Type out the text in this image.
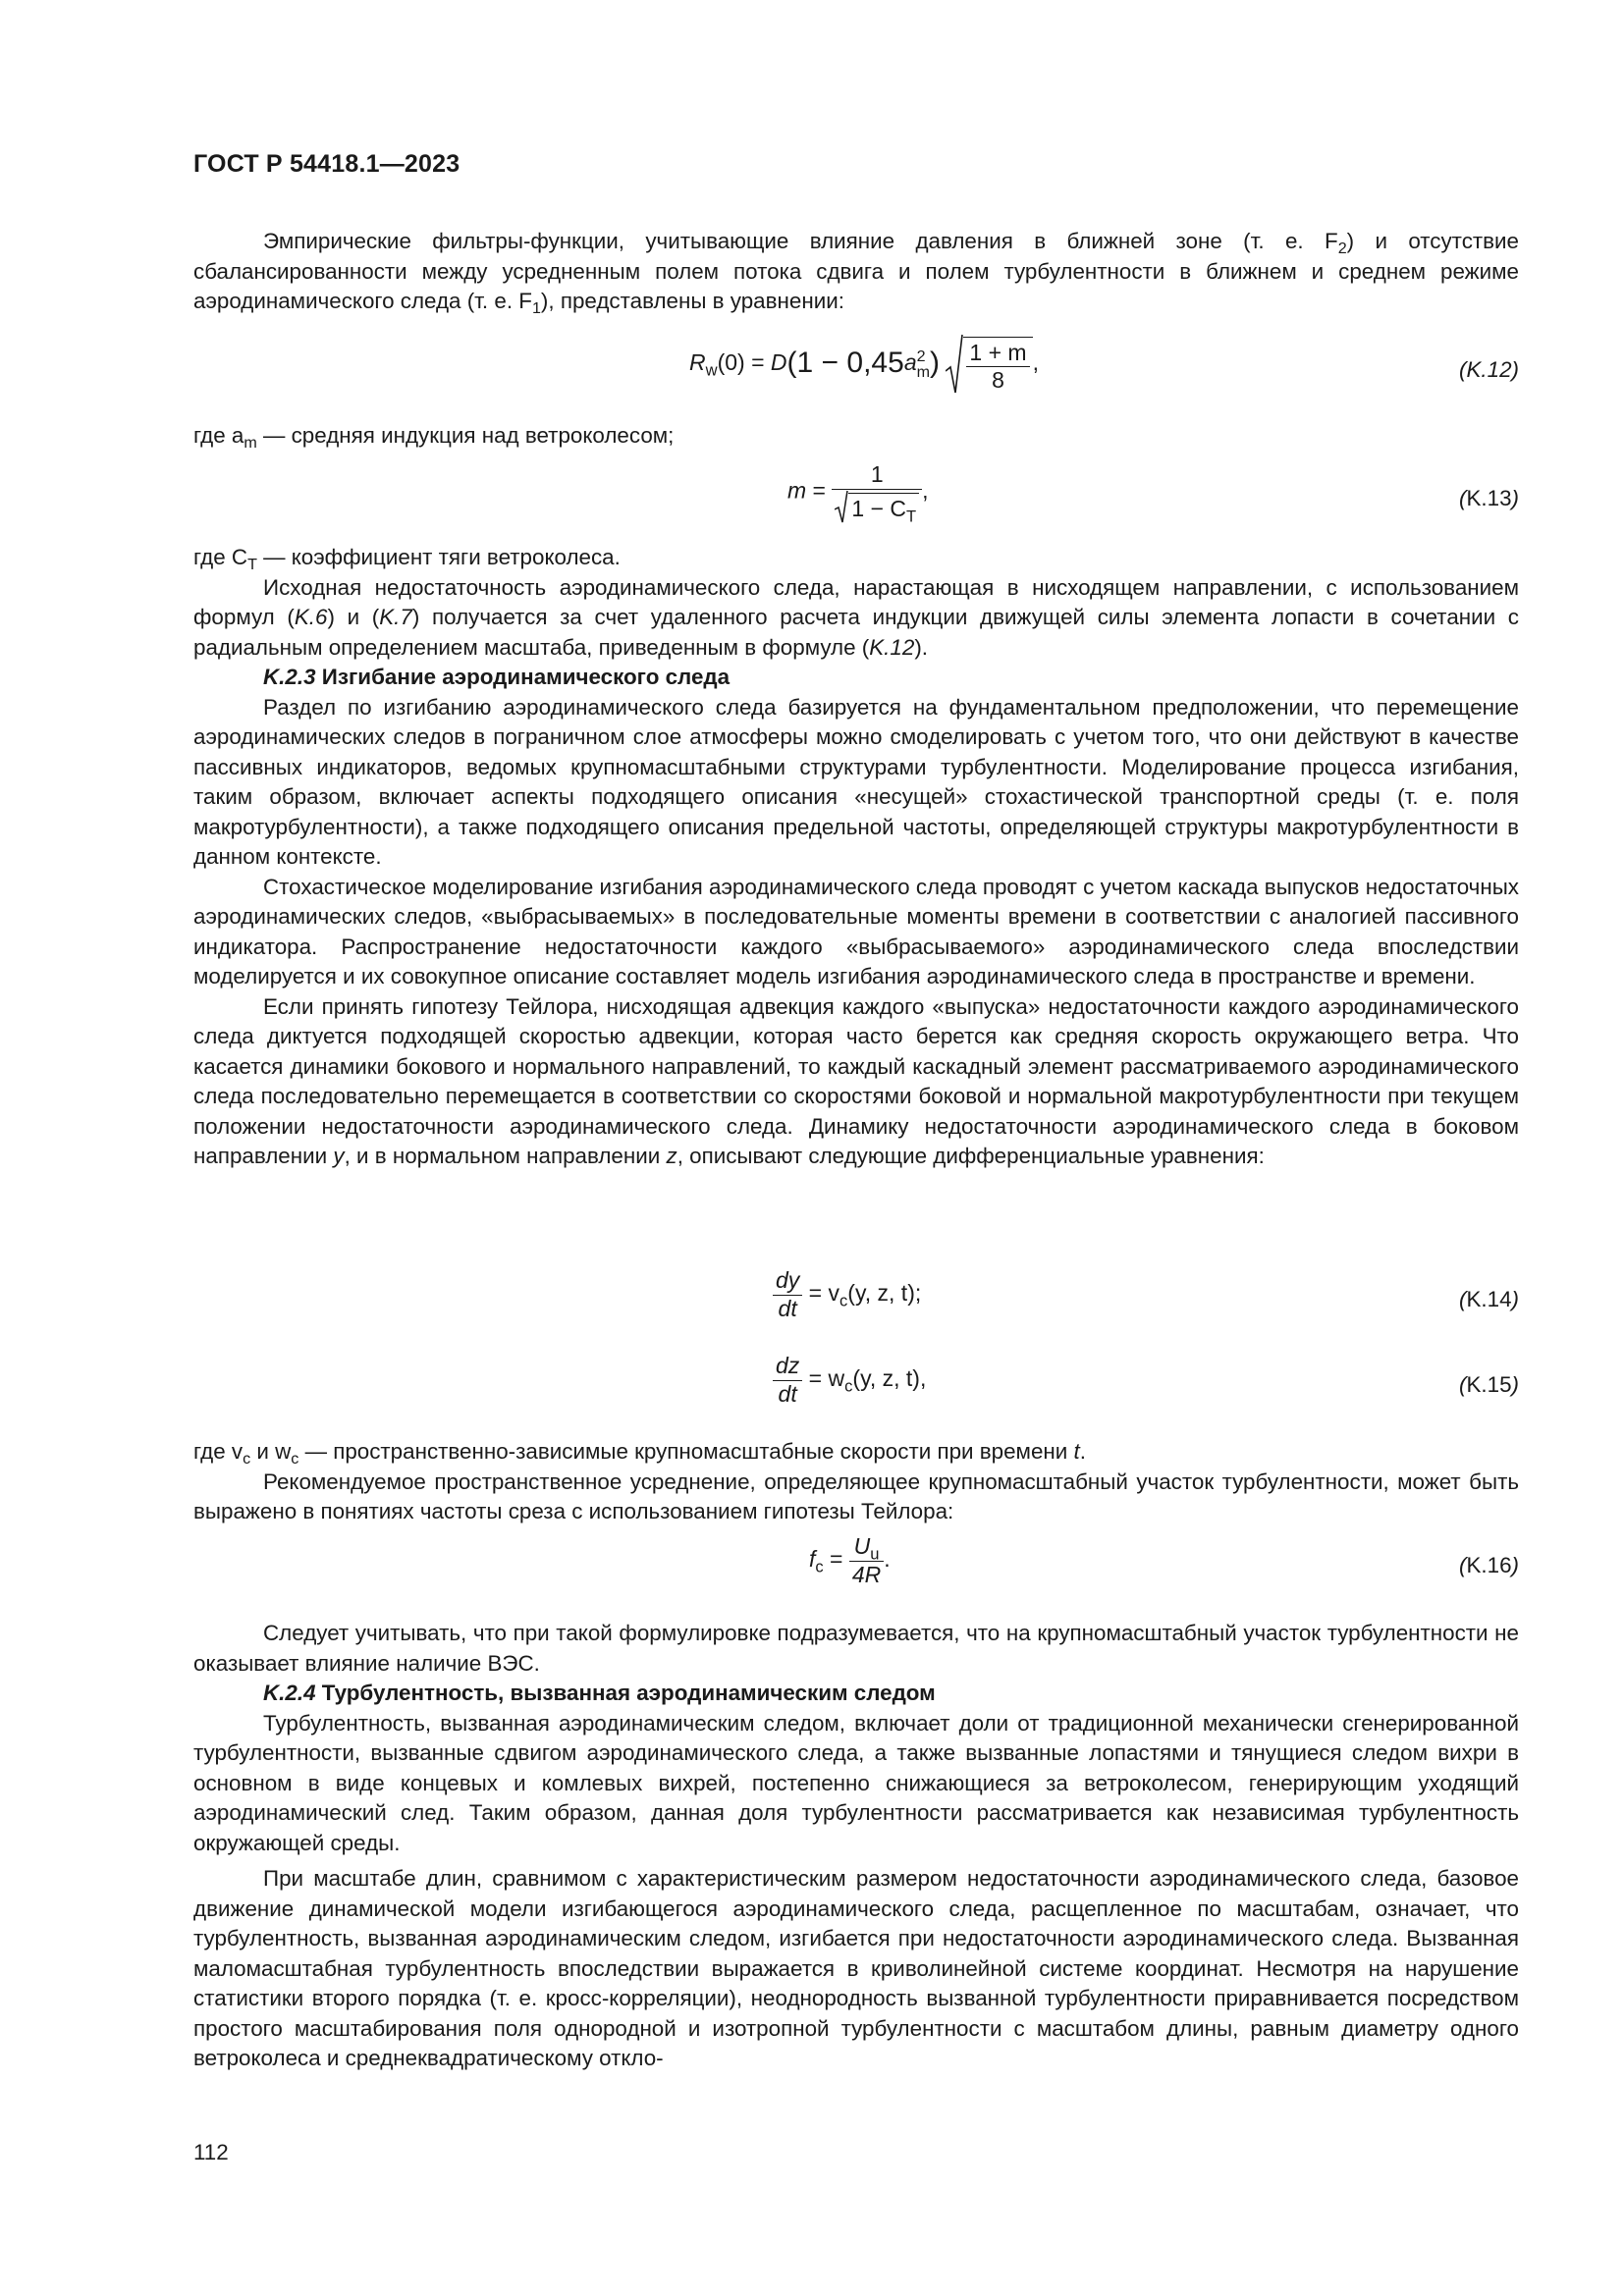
ГОСТ Р 54418.1—2023

Эмпирические фильтры-функции, учитывающие влияние давления в ближней зоне (т. е. $F_2$) и отсутствие сбалансированности между усредненным полем потока сдвига и полем турбулентности в ближнем и среднем режиме аэродинамического следа (т. е. $F_1$), представлены в уравнении:

$R_w(0) = D(1 - 0,45a$ 2
m ) $\frac{1 + m}{8}$ ,	(K.12)

где $a_m$ — средняя индукция над ветроколесом;

$m = \frac{1}{1 - C_T}$ ,	(K.13)

где $C_T$ — коэффициент тяги ветроколеса.

Исходная недостаточность аэродинамического следа, нарастающая в нисходящем направлении, с использованием формул (K.6) и (K.7) получается за счет удаленного расчета индукции движущей силы элемента лопасти в сочетании с радиальным определением масштаба, приведенным в формуле (K.12).

K.2.3 Изгибание аэродинамического следа

Раздел по изгибанию аэродинамического следа базируется на фундаментальном предположении, что перемещение аэродинамических следов в пограничном слое атмосферы можно смоделировать с учетом того, что они действуют в качестве пассивных индикаторов, ведомых крупномасштабными структурами турбулентности. Моделирование процесса изгибания, таким образом, включает аспекты подходящего описания «несущей» стохастической транспортной среды (т. е. поля макротурбулентности), а также подходящего описания предельной частоты, определяющей структуры макротурбулентности в данном контексте.

Стохастическое моделирование изгибания аэродинамического следа проводят с учетом каскада выпусков недостаточных аэродинамических следов, «выбрасываемых» в последовательные моменты времени в соответствии с аналогией пассивного индикатора. Распространение недостаточности каждого «выбрасываемого» аэродинамического следа впоследствии моделируется и их совокупное описание составляет модель изгибания аэродинамического следа в пространстве и времени.

Если принять гипотезу Тейлора, нисходящая адвекция каждого «выпуска» недостаточности каждого аэродинамического следа диктуется подходящей скоростью адвекции, которая часто берется как средняя скорость окружающего ветра. Что касается динамики бокового и нормального направлений, то каждый каскадный элемент рассматриваемого аэродинамического следа последовательно перемещается в соответствии со скоростями боковой и нормальной макротурбулентности при текущем положении недостаточности аэродинамического следа. Динамику недостаточности аэродинамического следа в боковом направлении y, и в нормальном направлении z, описывают следующие дифференциальные уравнения:

$\frac{dy}{dt} = v_c(y$, z, t);	(K.14)
$\frac{dz}{dt} = w_c(y$, z, t),	(K.15)

где $v_c$ и $w_c$ — пространственно-зависимые крупномасштабные скорости при времени t.

Рекомендуемое пространственное усреднение, определяющее крупномасштабный участок турбулентности, может быть выражено в понятиях частоты среза с использованием гипотезы Тейлора:

$f_c = \frac{U_u}{4R}$ .	(K.16)

Следует учитывать, что при такой формулировке подразумевается, что на крупномасштабный участок турбулентности не оказывает влияние наличие ВЭС.

K.2.4 Турбулентность, вызванная аэродинамическим следом

Турбулентность, вызванная аэродинамическим следом, включает доли от традиционной механически сгенерированной турбулентности, вызванные сдвигом аэродинамического следа, а также вызванные лопастями и тянущиеся следом вихри в основном в виде концевых и комлевых вихрей, постепенно снижающиеся за ветроколесом, генерирующим уходящий аэродинамический след. Таким образом, данная доля турбулентности рассматривается как независимая турбулентность окружающей среды.

При масштабе длин, сравнимом с характеристическим размером недостаточности аэродинамического следа, базовое движение динамической модели изгибающегося аэродинамического следа, расщепленное по масштабам, означает, что турбулентность, вызванная аэродинамическим следом, изгибается при недостаточности аэродинамического следа. Вызванная маломасштабная турбулентность впоследствии выражается в криволинейной системе координат. Несмотря на нарушение статистики второго порядка (т. е. кросс-корреляции), неоднородность вызванной турбулентности приравнивается посредством простого масштабирования поля однородной и изотропной турбулентности с масштабом длины, равным диаметру одного ветроколеса и среднеквадратическому откло-

112
